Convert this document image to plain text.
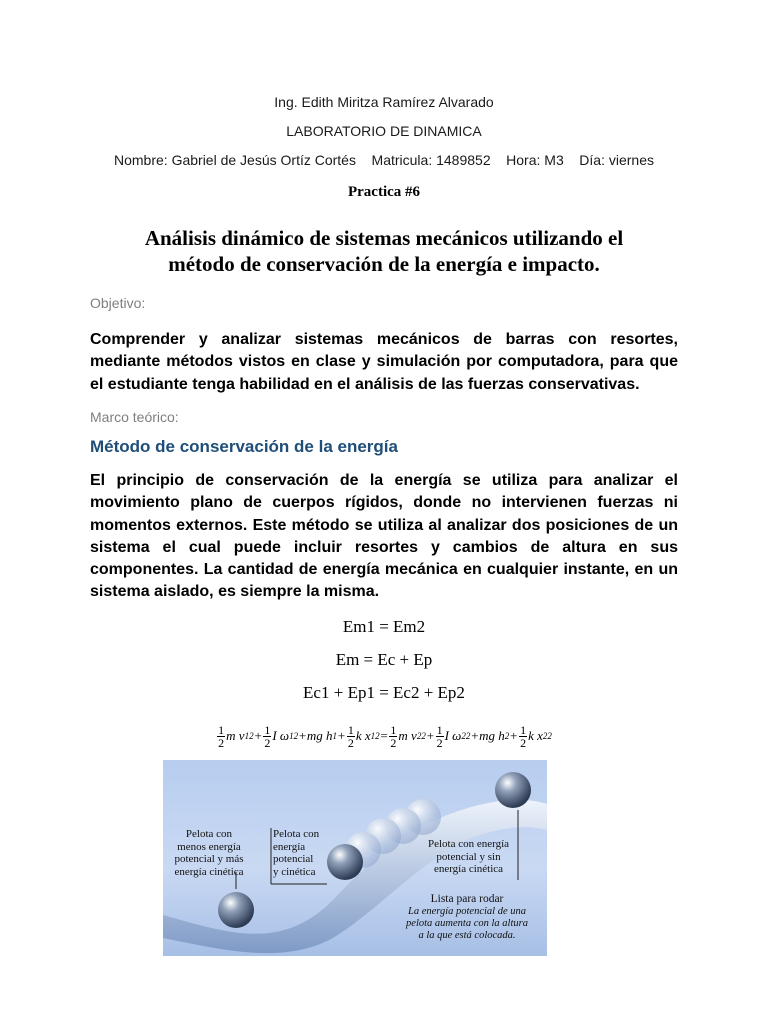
Ing. Edith Miritza Ramírez Alvarado
LABORATORIO DE DINAMICA
Nombre: Gabriel de Jesús Ortíz Cortés    Matricula: 1489852    Hora: M3    Día: viernes
Practica #6
Análisis dinámico de sistemas mecánicos utilizando el
método de conservación de la energía e impacto.
Objetivo:
Comprender y analizar sistemas mecánicos de barras con resortes, mediante métodos vistos en clase y simulación por computadora, para que el estudiante tenga habilidad en el análisis de las fuerzas conservativas.
Marco teórico:
Método de conservación de la energía
El principio de conservación de la energía se utiliza para analizar el movimiento plano de cuerpos rígidos, donde no intervienen fuerzas ni momentos externos. Este método se utiliza al analizar dos posiciones de un sistema el cual puede incluir resortes y cambios de altura en sus componentes. La cantidad de energía mecánica en cualquier instante, en un sistema aislado, es siempre la misma.
Em1 = Em2
Em = Ec + Ep
Ec1 + Ep1 = Ec2 + Ep2
$\frac{1}{2}$ m v 1 $2 + \frac{1}{2}$ I ω 1 2 +mg h $1 + \frac{1}{2}$ k x 1 $2 = \frac{1}{2}$ m v 2 $2 + \frac{1}{2}$ I ω 2 2 +mg h $2 + \frac{1}{2}$ k x 2 2
Pelota con
menos energía
potencial y más
energía cinética
Pelota con
energía
potencial
y cinética
Pelota con energía
potencial y sin
energía cinética
Lista para rodar
La energía potencial de una
pelota aumenta con la altura
a la que está colocada.
